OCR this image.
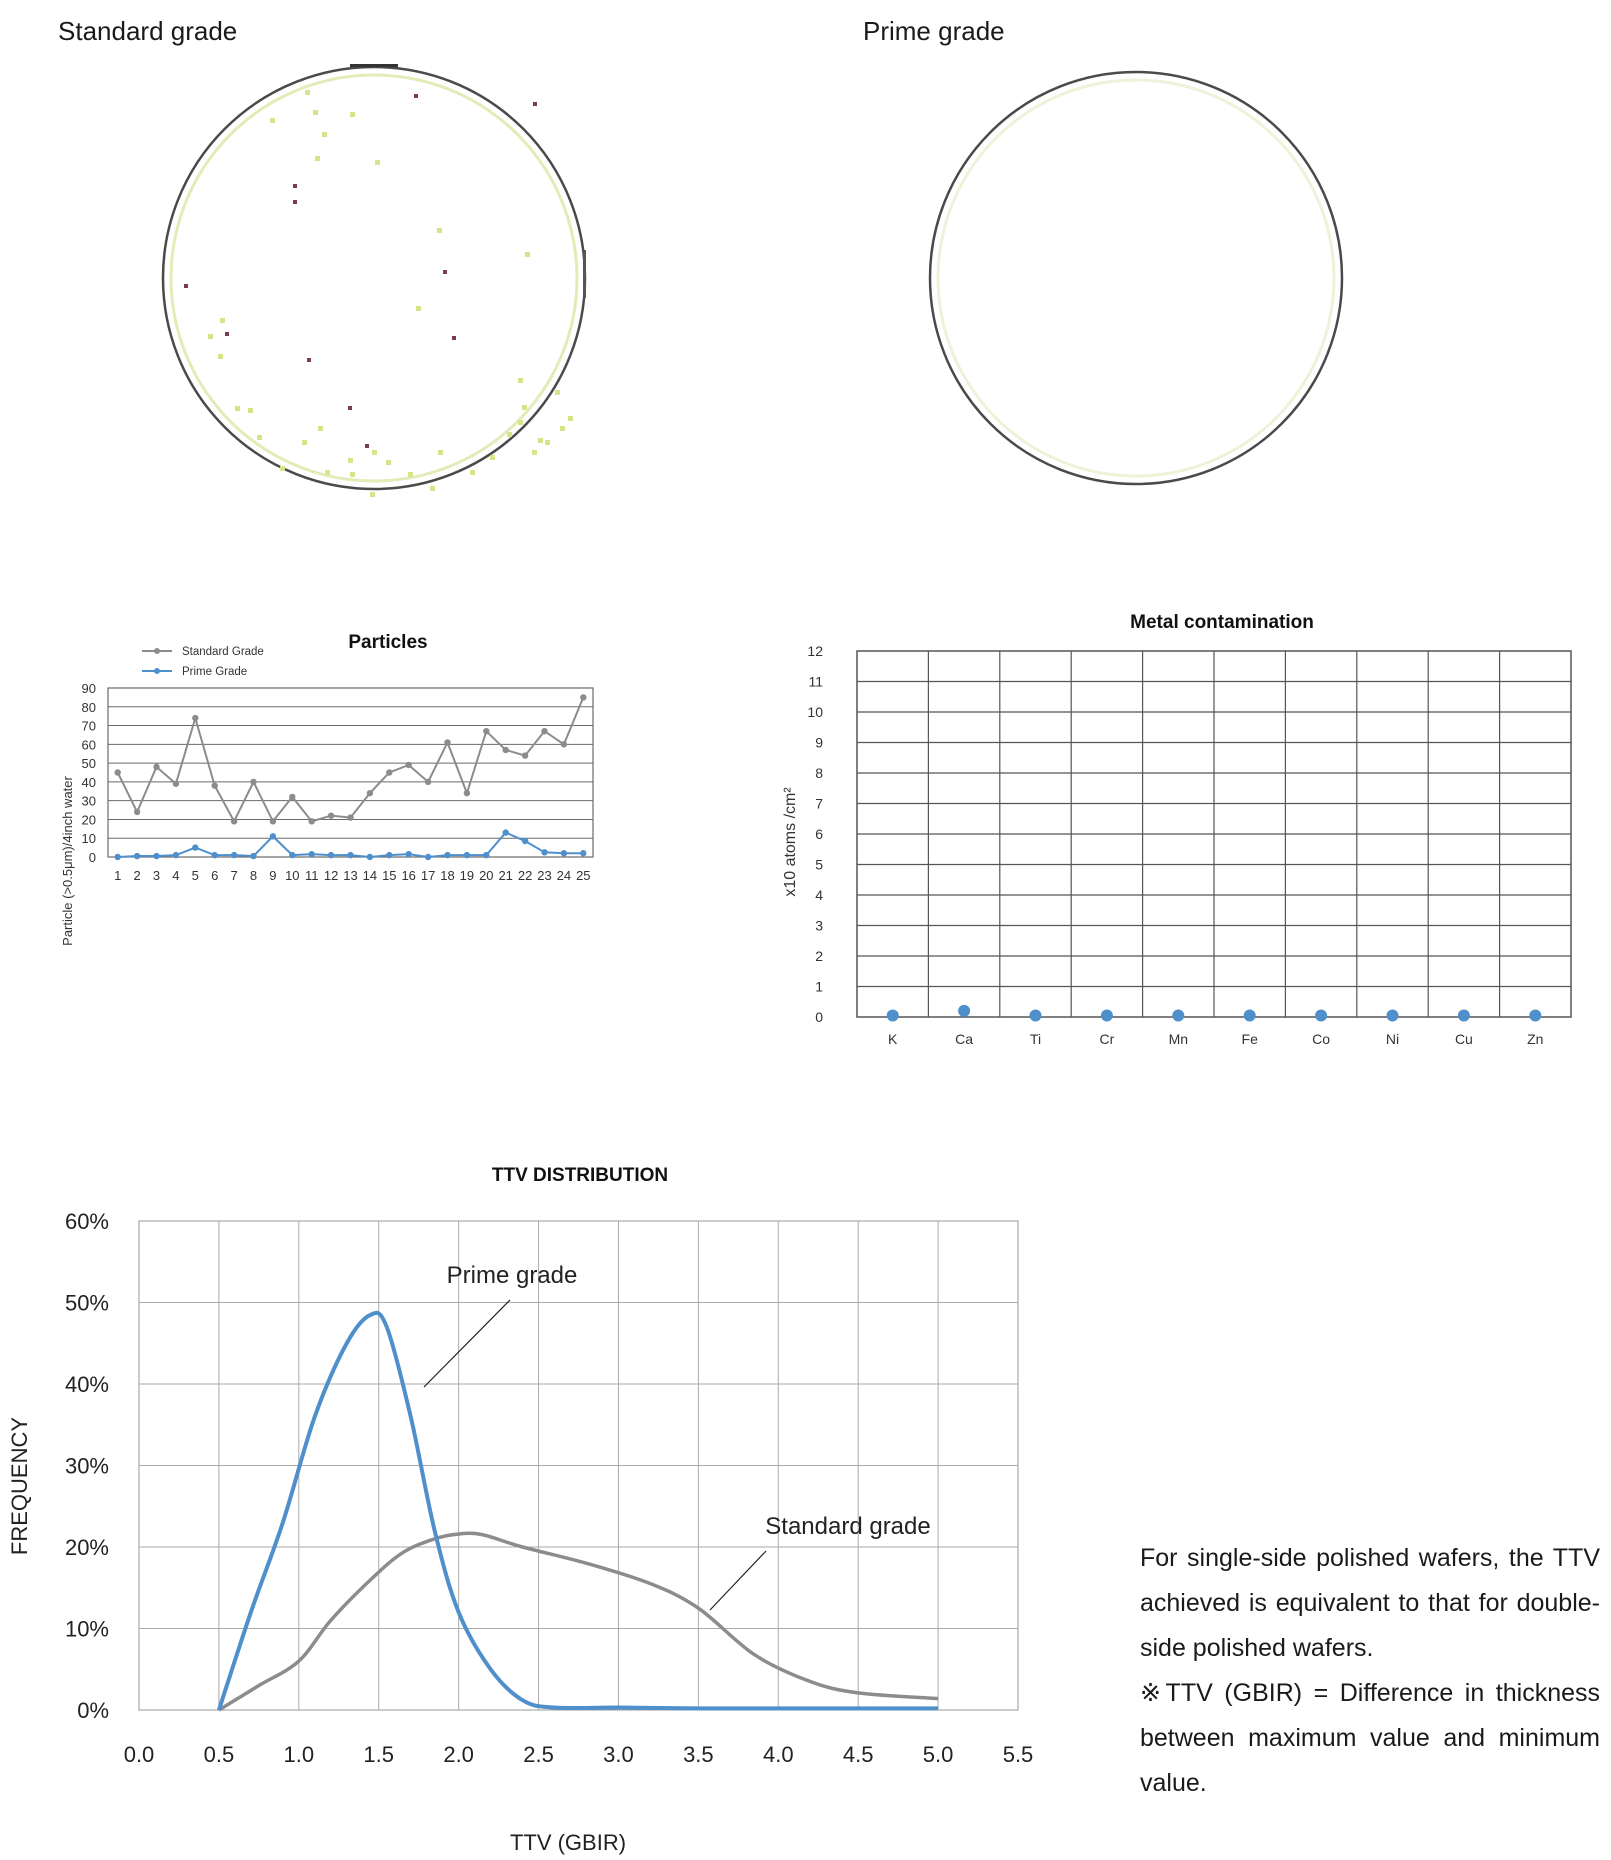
Standard grade	Prime grade
Particles
Standard Grade
Prime Grade
Particle (>0.5μm)/4inch water 0
10
20
30
40
50
60
70
80
90
1 2 3 4 5 6 7 8 9 10 11 12 13 14 15 16 17 18 19 20 21 22 23 24 25
Metal contamination
x10 atoms /cm²
0
1
2
3
4
5
6
7
8
9
10
11
12
K	Ca	Ti	Cr	Mn	Fe	Co	Ni	Cu	Zn
TTV DISTRIBUTION
FREQUENCY
TTV (GBIR)
0.0 0.5 1.0 1.5 2.0 2.5 3.0 3.5 4.0 4.5 5.0 5.5
0%
10%
20%
30%
40%
50%
60%
Prime grade
Standard grade

For single-side polished wafers, the TTV achieved is equivalent to that for double-side polished wafers.

※TTV (GBIR) = Difference in thickness between maximum value and minimum value.
